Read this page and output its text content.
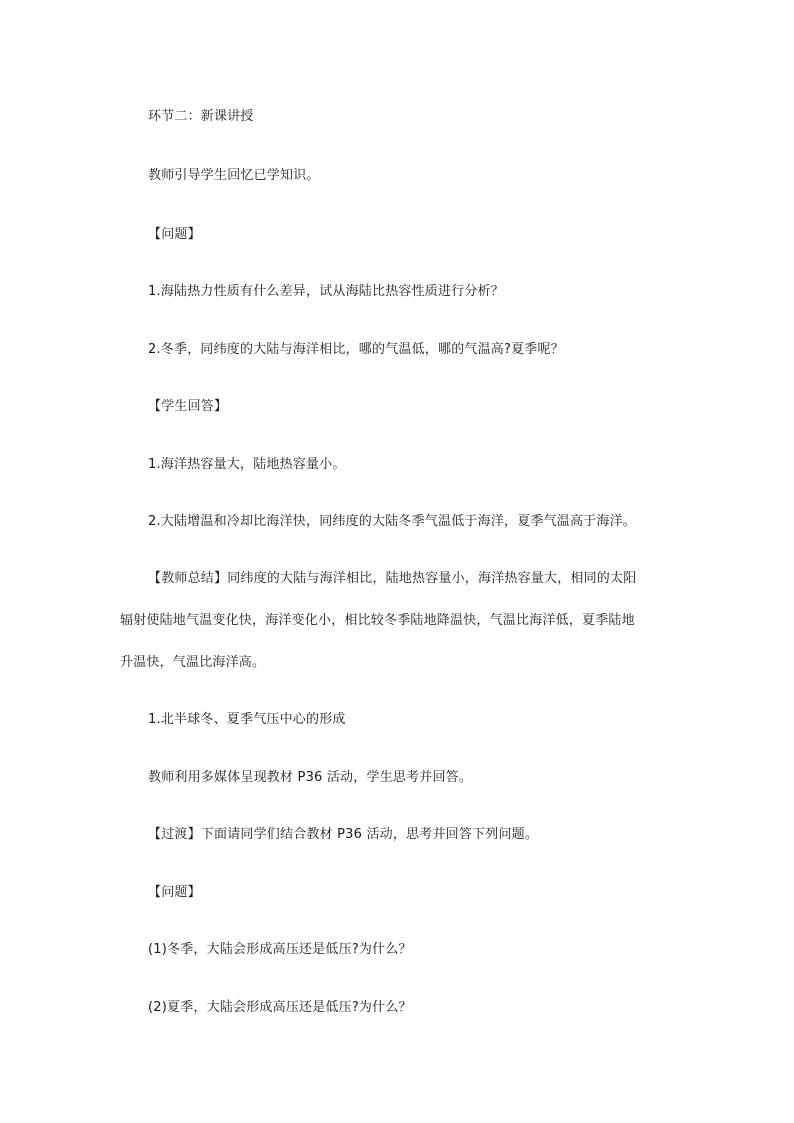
环节二：新课讲授
教师引导学生回忆已学知识。
【问题】
1.海陆热力性质有什么差异，试从海陆比热容性质进行分析？
2.冬季，同纬度的大陆与海洋相比，哪的气温低，哪的气温高?夏季呢？
【学生回答】
1.海洋热容量大，陆地热容量小。
2.大陆增温和冷却比海洋快，同纬度的大陆冬季气温低于海洋，夏季气温高于海洋。
【教师总结】同纬度的大陆与海洋相比，陆地热容量小，海洋热容量大，相同的太阳
辐射使陆地气温变化快，海洋变化小，相比较冬季陆地降温快，气温比海洋低，夏季陆地
升温快，气温比海洋高。
1.北半球冬、夏季气压中心的形成
教师利用多媒体呈现教材 P36 活动，学生思考并回答。
【过渡】下面请同学们结合教材 P36 活动，思考并回答下列问题。
【问题】
(1)冬季，大陆会形成高压还是低压?为什么？
(2)夏季，大陆会形成高压还是低压?为什么？
